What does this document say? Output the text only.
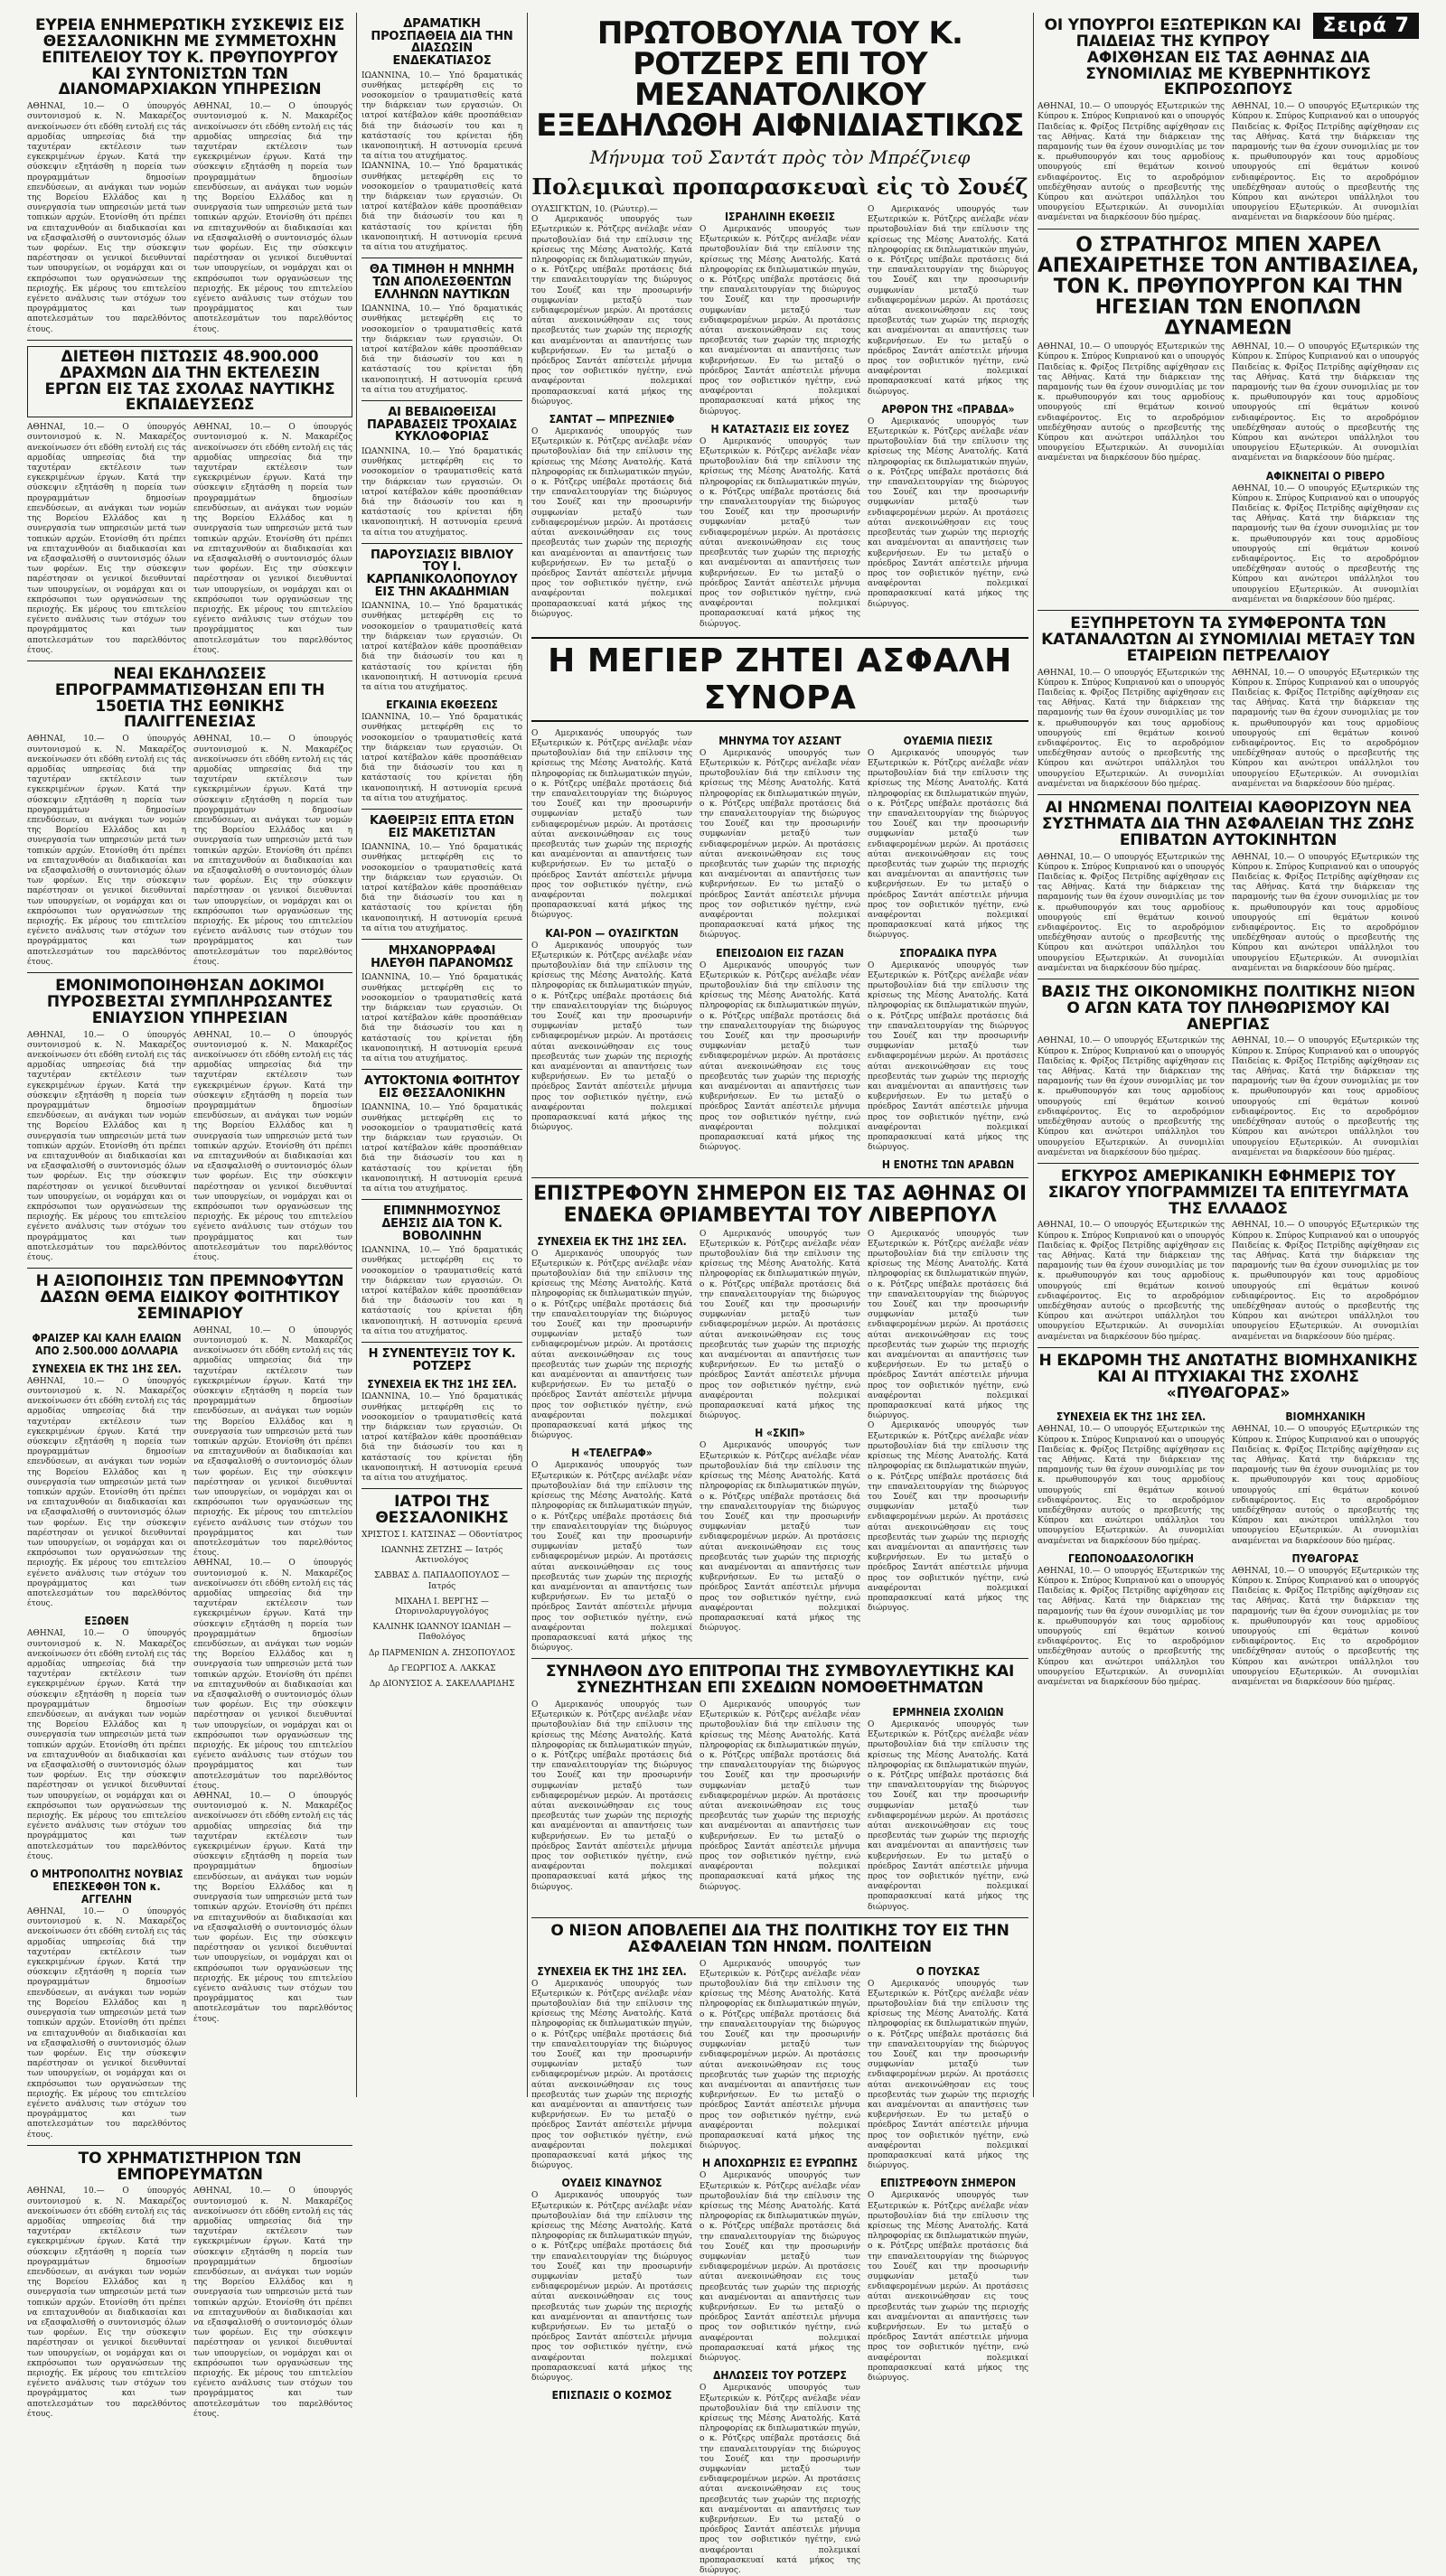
ΕΥΡΕΙΑ ΕΝΗΜΕΡΩΤΙΚΗ ΣΥΣΚΕΨΙΣ ΕΙΣ ΘΕΣΣΑΛΟΝΙΚΗΝ ΜΕ ΣΥΜΜΕΤΟΧΗΝ ΕΠΙΤΕΛΕΙΟΥ ΤΟΥ Κ. ΠΡΘΥΠΟΥΡΓΟΥ ΚΑΙ ΣΥΝΤΟΝΙΣΤΩΝ ΤΩΝ ΔΙΑΝΟΜΑΡΧΙΑΚΩΝ ΥΠΗΡΕΣΙΩΝ

ΑΘΗΝΑΙ, 10.— Ο ύπουργός συντονισμού κ. Ν. Μακαρέζος ανεκοίνωσεν ότι εδόθη εντολή εις τάς αρμοδίας υπηρεσίας διά την ταχυτέραν εκτέλεσιν των εγκεκριμένων έργων. Κατά την σύσκεψιν εξητάσθη η πορεία των προγραμμάτων δημοσίων επενδύσεων, αι ανάγκαι των νομών της Βορείου Ελλάδος και η συνεργασία των υπηρεσιών μετά των τοπικών αρχών. Ετονίσθη ότι πρέπει να επιταχυνθούν αι διαδικασίαι και να εξασφαλισθή ο συντονισμός όλων των φορέων. Εις την σύσκεψιν παρέστησαν οι γενικοί διευθυνταί των υπουργείων, οι νομάρχαι και οι εκπρόσωποι των οργανώσεων της περιοχής. Εκ μέρους του επιτελείου εγένετο ανάλυσις των στόχων του προγράμματος και των αποτελεσμάτων του παρελθόντος έτους.

ΑΘΗΝΑΙ, 10.— Ο ύπουργός συντονισμού κ. Ν. Μακαρέζος ανεκοίνωσεν ότι εδόθη εντολή εις τάς αρμοδίας υπηρεσίας διά την ταχυτέραν εκτέλεσιν των εγκεκριμένων έργων. Κατά την σύσκεψιν εξητάσθη η πορεία των προγραμμάτων δημοσίων επενδύσεων, αι ανάγκαι των νομών της Βορείου Ελλάδος και η συνεργασία των υπηρεσιών μετά των τοπικών αρχών. Ετονίσθη ότι πρέπει να επιταχυνθούν αι διαδικασίαι και να εξασφαλισθή ο συντονισμός όλων των φορέων. Εις την σύσκεψιν παρέστησαν οι γενικοί διευθυνταί των υπουργείων, οι νομάρχαι και οι εκπρόσωποι των οργανώσεων της περιοχής. Εκ μέρους του επιτελείου εγένετο ανάλυσις των στόχων του προγράμματος και των αποτελεσμάτων του παρελθόντος έτους.

ΔΙΕΤΕΘΗ ΠΙΣΤΩΣΙΣ 48.900.000 ΔΡΑΧΜΩΝ ΔΙΑ ΤΗΝ ΕΚΤΕΛΕΣΙΝ ΕΡΓΩΝ ΕΙΣ ΤΑΣ ΣΧΟΛΑΣ ΝΑΥΤΙΚΗΣ ΕΚΠΑΙΔΕΥΣΕΩΣ

ΑΘΗΝΑΙ, 10.— Ο ύπουργός συντονισμού κ. Ν. Μακαρέζος ανεκοίνωσεν ότι εδόθη εντολή εις τάς αρμοδίας υπηρεσίας διά την ταχυτέραν εκτέλεσιν των εγκεκριμένων έργων. Κατά την σύσκεψιν εξητάσθη η πορεία των προγραμμάτων δημοσίων επενδύσεων, αι ανάγκαι των νομών της Βορείου Ελλάδος και η συνεργασία των υπηρεσιών μετά των τοπικών αρχών. Ετονίσθη ότι πρέπει να επιταχυνθούν αι διαδικασίαι και να εξασφαλισθή ο συντονισμός όλων των φορέων. Εις την σύσκεψιν παρέστησαν οι γενικοί διευθυνταί των υπουργείων, οι νομάρχαι και οι εκπρόσωποι των οργανώσεων της περιοχής. Εκ μέρους του επιτελείου εγένετο ανάλυσις των στόχων του προγράμματος και των αποτελεσμάτων του παρελθόντος έτους.

ΑΘΗΝΑΙ, 10.— Ο ύπουργός συντονισμού κ. Ν. Μακαρέζος ανεκοίνωσεν ότι εδόθη εντολή εις τάς αρμοδίας υπηρεσίας διά την ταχυτέραν εκτέλεσιν των εγκεκριμένων έργων. Κατά την σύσκεψιν εξητάσθη η πορεία των προγραμμάτων δημοσίων επενδύσεων, αι ανάγκαι των νομών της Βορείου Ελλάδος και η συνεργασία των υπηρεσιών μετά των τοπικών αρχών. Ετονίσθη ότι πρέπει να επιταχυνθούν αι διαδικασίαι και να εξασφαλισθή ο συντονισμός όλων των φορέων. Εις την σύσκεψιν παρέστησαν οι γενικοί διευθυνταί των υπουργείων, οι νομάρχαι και οι εκπρόσωποι των οργανώσεων της περιοχής. Εκ μέρους του επιτελείου εγένετο ανάλυσις των στόχων του προγράμματος και των αποτελεσμάτων του παρελθόντος έτους.

ΝΕΑΙ ΕΚΔΗΛΩΣΕΙΣ ΕΠΡΟΓΡΑΜΜΑΤΙΣΘΗΣΑΝ ΕΠΙ ΤΗ 150ΕΤΙΑ ΤΗΣ ΕΘΝΙΚΗΣ ΠΑΛΙΓΓΕΝΕΣΙΑΣ

ΑΘΗΝΑΙ, 10.— Ο ύπουργός συντονισμού κ. Ν. Μακαρέζος ανεκοίνωσεν ότι εδόθη εντολή εις τάς αρμοδίας υπηρεσίας διά την ταχυτέραν εκτέλεσιν των εγκεκριμένων έργων. Κατά την σύσκεψιν εξητάσθη η πορεία των προγραμμάτων δημοσίων επενδύσεων, αι ανάγκαι των νομών της Βορείου Ελλάδος και η συνεργασία των υπηρεσιών μετά των τοπικών αρχών. Ετονίσθη ότι πρέπει να επιταχυνθούν αι διαδικασίαι και να εξασφαλισθή ο συντονισμός όλων των φορέων. Εις την σύσκεψιν παρέστησαν οι γενικοί διευθυνταί των υπουργείων, οι νομάρχαι και οι εκπρόσωποι των οργανώσεων της περιοχής. Εκ μέρους του επιτελείου εγένετο ανάλυσις των στόχων του προγράμματος και των αποτελεσμάτων του παρελθόντος έτους.

ΑΘΗΝΑΙ, 10.— Ο ύπουργός συντονισμού κ. Ν. Μακαρέζος ανεκοίνωσεν ότι εδόθη εντολή εις τάς αρμοδίας υπηρεσίας διά την ταχυτέραν εκτέλεσιν των εγκεκριμένων έργων. Κατά την σύσκεψιν εξητάσθη η πορεία των προγραμμάτων δημοσίων επενδύσεων, αι ανάγκαι των νομών της Βορείου Ελλάδος και η συνεργασία των υπηρεσιών μετά των τοπικών αρχών. Ετονίσθη ότι πρέπει να επιταχυνθούν αι διαδικασίαι και να εξασφαλισθή ο συντονισμός όλων των φορέων. Εις την σύσκεψιν παρέστησαν οι γενικοί διευθυνταί των υπουργείων, οι νομάρχαι και οι εκπρόσωποι των οργανώσεων της περιοχής. Εκ μέρους του επιτελείου εγένετο ανάλυσις των στόχων του προγράμματος και των αποτελεσμάτων του παρελθόντος έτους.

ΕΜΟΝΙΜΟΠΟΙΗΘΗΣΑΝ ΔΟΚΙΜΟΙ ΠΥΡΟΣΒΕΣΤΑΙ ΣΥΜΠΛΗΡΩΣΑΝΤΕΣ ΕΝΙΑΥΣΙΟΝ ΥΠΗΡΕΣΙΑΝ

ΑΘΗΝΑΙ, 10.— Ο ύπουργός συντονισμού κ. Ν. Μακαρέζος ανεκοίνωσεν ότι εδόθη εντολή εις τάς αρμοδίας υπηρεσίας διά την ταχυτέραν εκτέλεσιν των εγκεκριμένων έργων. Κατά την σύσκεψιν εξητάσθη η πορεία των προγραμμάτων δημοσίων επενδύσεων, αι ανάγκαι των νομών της Βορείου Ελλάδος και η συνεργασία των υπηρεσιών μετά των τοπικών αρχών. Ετονίσθη ότι πρέπει να επιταχυνθούν αι διαδικασίαι και να εξασφαλισθή ο συντονισμός όλων των φορέων. Εις την σύσκεψιν παρέστησαν οι γενικοί διευθυνταί των υπουργείων, οι νομάρχαι και οι εκπρόσωποι των οργανώσεων της περιοχής. Εκ μέρους του επιτελείου εγένετο ανάλυσις των στόχων του προγράμματος και των αποτελεσμάτων του παρελθόντος έτους.

ΑΘΗΝΑΙ, 10.— Ο ύπουργός συντονισμού κ. Ν. Μακαρέζος ανεκοίνωσεν ότι εδόθη εντολή εις τάς αρμοδίας υπηρεσίας διά την ταχυτέραν εκτέλεσιν των εγκεκριμένων έργων. Κατά την σύσκεψιν εξητάσθη η πορεία των προγραμμάτων δημοσίων επενδύσεων, αι ανάγκαι των νομών της Βορείου Ελλάδος και η συνεργασία των υπηρεσιών μετά των τοπικών αρχών. Ετονίσθη ότι πρέπει να επιταχυνθούν αι διαδικασίαι και να εξασφαλισθή ο συντονισμός όλων των φορέων. Εις την σύσκεψιν παρέστησαν οι γενικοί διευθυνταί των υπουργείων, οι νομάρχαι και οι εκπρόσωποι των οργανώσεων της περιοχής. Εκ μέρους του επιτελείου εγένετο ανάλυσις των στόχων του προγράμματος και των αποτελεσμάτων του παρελθόντος έτους.

Η ΑΞΙΟΠΟΙΗΣΙΣ ΤΩΝ ΠΡΕΜΝΟΦΥΤΩΝ ΔΑΣΩΝ ΘΕΜΑ ΕΙΔΙΚΟΥ ΦΟΙΤΗΤΙΚΟΥ ΣΕΜΙΝΑΡΙΟΥ
ΦΡΑΙΖΕΡ ΚΑΙ ΚΑΛΗ ΕΛΑΙΩΝ ΑΠΟ 2.500.000 ΔΟΛΛΑΡΙΑ
ΣΥΝΕΧΕΙΑ ΕΚ ΤΗΣ 1ΗΣ ΣΕΛ.

ΑΘΗΝΑΙ, 10.— Ο ύπουργός συντονισμού κ. Ν. Μακαρέζος ανεκοίνωσεν ότι εδόθη εντολή εις τάς αρμοδίας υπηρεσίας διά την ταχυτέραν εκτέλεσιν των εγκεκριμένων έργων. Κατά την σύσκεψιν εξητάσθη η πορεία των προγραμμάτων δημοσίων επενδύσεων, αι ανάγκαι των νομών της Βορείου Ελλάδος και η συνεργασία των υπηρεσιών μετά των τοπικών αρχών. Ετονίσθη ότι πρέπει να επιταχυνθούν αι διαδικασίαι και να εξασφαλισθή ο συντονισμός όλων των φορέων. Εις την σύσκεψιν παρέστησαν οι γενικοί διευθυνταί των υπουργείων, οι νομάρχαι και οι εκπρόσωποι των οργανώσεων της περιοχής. Εκ μέρους του επιτελείου εγένετο ανάλυσις των στόχων του προγράμματος και των αποτελεσμάτων του παρελθόντος έτους.

ΕΞΩΘΕΝ

ΑΘΗΝΑΙ, 10.— Ο ύπουργός συντονισμού κ. Ν. Μακαρέζος ανεκοίνωσεν ότι εδόθη εντολή εις τάς αρμοδίας υπηρεσίας διά την ταχυτέραν εκτέλεσιν των εγκεκριμένων έργων. Κατά την σύσκεψιν εξητάσθη η πορεία των προγραμμάτων δημοσίων επενδύσεων, αι ανάγκαι των νομών της Βορείου Ελλάδος και η συνεργασία των υπηρεσιών μετά των τοπικών αρχών. Ετονίσθη ότι πρέπει να επιταχυνθούν αι διαδικασίαι και να εξασφαλισθή ο συντονισμός όλων των φορέων. Εις την σύσκεψιν παρέστησαν οι γενικοί διευθυνταί των υπουργείων, οι νομάρχαι και οι εκπρόσωποι των οργανώσεων της περιοχής. Εκ μέρους του επιτελείου εγένετο ανάλυσις των στόχων του προγράμματος και των αποτελεσμάτων του παρελθόντος έτους.

Ο ΜΗΤΡΟΠΟΛΙΤΗΣ ΝΟΥΒΙΑΣ ΕΠΕΣΚΕΦΘΗ ΤΟΝ κ. ΑΓΓΕΛΗΝ

ΑΘΗΝΑΙ, 10.— Ο ύπουργός συντονισμού κ. Ν. Μακαρέζος ανεκοίνωσεν ότι εδόθη εντολή εις τάς αρμοδίας υπηρεσίας διά την ταχυτέραν εκτέλεσιν των εγκεκριμένων έργων. Κατά την σύσκεψιν εξητάσθη η πορεία των προγραμμάτων δημοσίων επενδύσεων, αι ανάγκαι των νομών της Βορείου Ελλάδος και η συνεργασία των υπηρεσιών μετά των τοπικών αρχών. Ετονίσθη ότι πρέπει να επιταχυνθούν αι διαδικασίαι και να εξασφαλισθή ο συντονισμός όλων των φορέων. Εις την σύσκεψιν παρέστησαν οι γενικοί διευθυνταί των υπουργείων, οι νομάρχαι και οι εκπρόσωποι των οργανώσεων της περιοχής. Εκ μέρους του επιτελείου εγένετο ανάλυσις των στόχων του προγράμματος και των αποτελεσμάτων του παρελθόντος έτους.

ΑΘΗΝΑΙ, 10.— Ο ύπουργός συντονισμού κ. Ν. Μακαρέζος ανεκοίνωσεν ότι εδόθη εντολή εις τάς αρμοδίας υπηρεσίας διά την ταχυτέραν εκτέλεσιν των εγκεκριμένων έργων. Κατά την σύσκεψιν εξητάσθη η πορεία των προγραμμάτων δημοσίων επενδύσεων, αι ανάγκαι των νομών της Βορείου Ελλάδος και η συνεργασία των υπηρεσιών μετά των τοπικών αρχών. Ετονίσθη ότι πρέπει να επιταχυνθούν αι διαδικασίαι και να εξασφαλισθή ο συντονισμός όλων των φορέων. Εις την σύσκεψιν παρέστησαν οι γενικοί διευθυνταί των υπουργείων, οι νομάρχαι και οι εκπρόσωποι των οργανώσεων της περιοχής. Εκ μέρους του επιτελείου εγένετο ανάλυσις των στόχων του προγράμματος και των αποτελεσμάτων του παρελθόντος έτους.

ΑΘΗΝΑΙ, 10.— Ο ύπουργός συντονισμού κ. Ν. Μακαρέζος ανεκοίνωσεν ότι εδόθη εντολή εις τάς αρμοδίας υπηρεσίας διά την ταχυτέραν εκτέλεσιν των εγκεκριμένων έργων. Κατά την σύσκεψιν εξητάσθη η πορεία των προγραμμάτων δημοσίων επενδύσεων, αι ανάγκαι των νομών της Βορείου Ελλάδος και η συνεργασία των υπηρεσιών μετά των τοπικών αρχών. Ετονίσθη ότι πρέπει να επιταχυνθούν αι διαδικασίαι και να εξασφαλισθή ο συντονισμός όλων των φορέων. Εις την σύσκεψιν παρέστησαν οι γενικοί διευθυνταί των υπουργείων, οι νομάρχαι και οι εκπρόσωποι των οργανώσεων της περιοχής. Εκ μέρους του επιτελείου εγένετο ανάλυσις των στόχων του προγράμματος και των αποτελεσμάτων του παρελθόντος έτους.

ΑΘΗΝΑΙ, 10.— Ο ύπουργός συντονισμού κ. Ν. Μακαρέζος ανεκοίνωσεν ότι εδόθη εντολή εις τάς αρμοδίας υπηρεσίας διά την ταχυτέραν εκτέλεσιν των εγκεκριμένων έργων. Κατά την σύσκεψιν εξητάσθη η πορεία των προγραμμάτων δημοσίων επενδύσεων, αι ανάγκαι των νομών της Βορείου Ελλάδος και η συνεργασία των υπηρεσιών μετά των τοπικών αρχών. Ετονίσθη ότι πρέπει να επιταχυνθούν αι διαδικασίαι και να εξασφαλισθή ο συντονισμός όλων των φορέων. Εις την σύσκεψιν παρέστησαν οι γενικοί διευθυνταί των υπουργείων, οι νομάρχαι και οι εκπρόσωποι των οργανώσεων της περιοχής. Εκ μέρους του επιτελείου εγένετο ανάλυσις των στόχων του προγράμματος και των αποτελεσμάτων του παρελθόντος έτους.

ΤΟ ΧΡΗΜΑΤΙΣΤΗΡΙΟΝ ΤΩΝ ΕΜΠΟΡΕΥΜΑΤΩΝ

ΑΘΗΝΑΙ, 10.— Ο ύπουργός συντονισμού κ. Ν. Μακαρέζος ανεκοίνωσεν ότι εδόθη εντολή εις τάς αρμοδίας υπηρεσίας διά την ταχυτέραν εκτέλεσιν των εγκεκριμένων έργων. Κατά την σύσκεψιν εξητάσθη η πορεία των προγραμμάτων δημοσίων επενδύσεων, αι ανάγκαι των νομών της Βορείου Ελλάδος και η συνεργασία των υπηρεσιών μετά των τοπικών αρχών. Ετονίσθη ότι πρέπει να επιταχυνθούν αι διαδικασίαι και να εξασφαλισθή ο συντονισμός όλων των φορέων. Εις την σύσκεψιν παρέστησαν οι γενικοί διευθυνταί των υπουργείων, οι νομάρχαι και οι εκπρόσωποι των οργανώσεων της περιοχής. Εκ μέρους του επιτελείου εγένετο ανάλυσις των στόχων του προγράμματος και των αποτελεσμάτων του παρελθόντος έτους.

ΑΘΗΝΑΙ, 10.— Ο ύπουργός συντονισμού κ. Ν. Μακαρέζος ανεκοίνωσεν ότι εδόθη εντολή εις τάς αρμοδίας υπηρεσίας διά την ταχυτέραν εκτέλεσιν των εγκεκριμένων έργων. Κατά την σύσκεψιν εξητάσθη η πορεία των προγραμμάτων δημοσίων επενδύσεων, αι ανάγκαι των νομών της Βορείου Ελλάδος και η συνεργασία των υπηρεσιών μετά των τοπικών αρχών. Ετονίσθη ότι πρέπει να επιταχυνθούν αι διαδικασίαι και να εξασφαλισθή ο συντονισμός όλων των φορέων. Εις την σύσκεψιν παρέστησαν οι γενικοί διευθυνταί των υπουργείων, οι νομάρχαι και οι εκπρόσωποι των οργανώσεων της περιοχής. Εκ μέρους του επιτελείου εγένετο ανάλυσις των στόχων του προγράμματος και των αποτελεσμάτων του παρελθόντος έτους.

ΔΡΑΜΑΤΙΚΗ ΠΡΟΣΠΑΘΕΙΑ ΔΙΑ ΤΗΝ ΔΙΑΣΩΣΙΝ ΕΝΔΕΚΑΤΙΑΣΟΣ

ΙΩΑΝΝΙΝΑ, 10.— Υπό δραματικάς συνθήκας μετεφέρθη εις το νοσοκομείον ο τραυματισθείς κατά την διάρκειαν των εργασιών. Οι ιατροί κατέβαλον κάθε προσπάθειαν διά την διάσωσίν του και η κατάστασίς του κρίνεται ήδη ικανοποιητική. Η αστυνομία ερευνά τα αίτια του ατυχήματος.

ΙΩΑΝΝΙΝΑ, 10.— Υπό δραματικάς συνθήκας μετεφέρθη εις το νοσοκομείον ο τραυματισθείς κατά την διάρκειαν των εργασιών. Οι ιατροί κατέβαλον κάθε προσπάθειαν διά την διάσωσίν του και η κατάστασίς του κρίνεται ήδη ικανοποιητική. Η αστυνομία ερευνά τα αίτια του ατυχήματος.

ΘΑ ΤΙΜΗΘΗ Η ΜΝΗΜΗ ΤΩΝ ΑΠΟΛΕΣΘΕΝΤΩΝ ΕΛΛΗΝΩΝ ΝΑΥΤΙΚΩΝ

ΙΩΑΝΝΙΝΑ, 10.— Υπό δραματικάς συνθήκας μετεφέρθη εις το νοσοκομείον ο τραυματισθείς κατά την διάρκειαν των εργασιών. Οι ιατροί κατέβαλον κάθε προσπάθειαν διά την διάσωσίν του και η κατάστασίς του κρίνεται ήδη ικανοποιητική. Η αστυνομία ερευνά τα αίτια του ατυχήματος.

ΑΙ ΒΕΒΑΙΩΘΕΙΣΑΙ ΠΑΡΑΒΑΣΕΙΣ ΤΡΟΧΑΙΑΣ ΚΥΚΛΟΦΟΡΙΑΣ

ΙΩΑΝΝΙΝΑ, 10.— Υπό δραματικάς συνθήκας μετεφέρθη εις το νοσοκομείον ο τραυματισθείς κατά την διάρκειαν των εργασιών. Οι ιατροί κατέβαλον κάθε προσπάθειαν διά την διάσωσίν του και η κατάστασίς του κρίνεται ήδη ικανοποιητική. Η αστυνομία ερευνά τα αίτια του ατυχήματος.

ΠΑΡΟΥΣΙΑΣΙΣ ΒΙΒΛΙΟΥ ΤΟΥ Ι. ΚΑΡΠΑΝΙΚΟΛΟΠΟΥΛΟΥ ΕΙΣ ΤΗΝ ΑΚΑΔΗΜΙΑΝ

ΙΩΑΝΝΙΝΑ, 10.— Υπό δραματικάς συνθήκας μετεφέρθη εις το νοσοκομείον ο τραυματισθείς κατά την διάρκειαν των εργασιών. Οι ιατροί κατέβαλον κάθε προσπάθειαν διά την διάσωσίν του και η κατάστασίς του κρίνεται ήδη ικανοποιητική. Η αστυνομία ερευνά τα αίτια του ατυχήματος.

ΕΓΚΑΙΝΙΑ ΕΚΘΕΣΕΩΣ

ΙΩΑΝΝΙΝΑ, 10.— Υπό δραματικάς συνθήκας μετεφέρθη εις το νοσοκομείον ο τραυματισθείς κατά την διάρκειαν των εργασιών. Οι ιατροί κατέβαλον κάθε προσπάθειαν διά την διάσωσίν του και η κατάστασίς του κρίνεται ήδη ικανοποιητική. Η αστυνομία ερευνά τα αίτια του ατυχήματος.

ΚΑΘΕΙΡΞΙΣ ΕΠΤΑ ΕΤΩΝ ΕΙΣ ΜΑΚΕΤΙΣΤΑΝ

ΙΩΑΝΝΙΝΑ, 10.— Υπό δραματικάς συνθήκας μετεφέρθη εις το νοσοκομείον ο τραυματισθείς κατά την διάρκειαν των εργασιών. Οι ιατροί κατέβαλον κάθε προσπάθειαν διά την διάσωσίν του και η κατάστασίς του κρίνεται ήδη ικανοποιητική. Η αστυνομία ερευνά τα αίτια του ατυχήματος.

ΜΗΧΑΝΟΡΡΑΦΑΙ ΗΛΕΥΘΗ ΠΑΡΑΝΟΜΩΣ

ΙΩΑΝΝΙΝΑ, 10.— Υπό δραματικάς συνθήκας μετεφέρθη εις το νοσοκομείον ο τραυματισθείς κατά την διάρκειαν των εργασιών. Οι ιατροί κατέβαλον κάθε προσπάθειαν διά την διάσωσίν του και η κατάστασίς του κρίνεται ήδη ικανοποιητική. Η αστυνομία ερευνά τα αίτια του ατυχήματος.

ΑΥΤΟΚΤΟΝΙΑ ΦΟΙΤΗΤΟΥ ΕΙΣ ΘΕΣΣΑΛΟΝΙΚΗΝ

ΙΩΑΝΝΙΝΑ, 10.— Υπό δραματικάς συνθήκας μετεφέρθη εις το νοσοκομείον ο τραυματισθείς κατά την διάρκειαν των εργασιών. Οι ιατροί κατέβαλον κάθε προσπάθειαν διά την διάσωσίν του και η κατάστασίς του κρίνεται ήδη ικανοποιητική. Η αστυνομία ερευνά τα αίτια του ατυχήματος.

ΕΠΙΜΝΗΜΟΣΥΝΟΣ ΔΕΗΣΙΣ ΔΙΑ ΤΟΝ Κ. ΒΟΒΟΛΙΝΗΝ

ΙΩΑΝΝΙΝΑ, 10.— Υπό δραματικάς συνθήκας μετεφέρθη εις το νοσοκομείον ο τραυματισθείς κατά την διάρκειαν των εργασιών. Οι ιατροί κατέβαλον κάθε προσπάθειαν διά την διάσωσίν του και η κατάστασίς του κρίνεται ήδη ικανοποιητική. Η αστυνομία ερευνά τα αίτια του ατυχήματος.

Η ΣΥΝΕΝΤΕΥΞΙΣ ΤΟΥ Κ. ΡΟΤΖΕΡΣ
ΣΥΝΕΧΕΙΑ ΕΚ ΤΗΣ 1ΗΣ ΣΕΛ.

ΙΩΑΝΝΙΝΑ, 10.— Υπό δραματικάς συνθήκας μετεφέρθη εις το νοσοκομείον ο τραυματισθείς κατά την διάρκειαν των εργασιών. Οι ιατροί κατέβαλον κάθε προσπάθειαν διά την διάσωσίν του και η κατάστασίς του κρίνεται ήδη ικανοποιητική. Η αστυνομία ερευνά τα αίτια του ατυχήματος.

ΙΑΤΡΟΙ ΤΗΣ ΘΕΣΣΑΛΟΝΙΚΗΣ

ΧΡΙΣΤΟΣ Ι. ΚΑΤΣΙΝΑΣ — Οδοντίατρος

ΙΩΑΝΝΗΣ ΖΕΤΖΗΣ — Ιατρός Ακτινολόγος

ΣΑΒΒΑΣ Δ. ΠΑΠΑΔΟΠΟΥΛΟΣ — Ιατρός

ΜΙΧΑΗΛ Ι. ΒΕΡΓΗΣ — Ωτορινολαρυγγολόγος

ΚΑΛΙΝΗΚ ΙΩΑΝΝΟΥ ΙΩΑΝΙΔΗ — Παθολόγος

Δρ ΠΑΡΜΕΝΙΩΝ Α. ΖΗΣΟΠΟΥΛΟΣ

Δρ ΓΕΩΡΓΙΟΣ Α. ΛΑΚΚΑΣ

Δρ ΔΙΟΝΥΣΙΟΣ Α. ΣΑΚΕΛΛΑΡΙΔΗΣ

ΠΡΩΤΟΒΟΥΛΙΑ ΤΟΥ Κ. ΡΟΤΖΕΡΣ ΕΠΙ ΤΟΥ ΜΕΣΑΝΑΤΟΛΙΚΟΥ ΕΞΕΔΗΛΩΘΗ ΑΙΦΝΙΔΙΑΣΤΙΚΩΣ
Μήνυμα τοῦ Σαντάτ πρὸς τὸν Μπρέζνιεφ
Πολεμικαὶ προπαρασκευαὶ εἰς τὸ Σουέζ

ΟΥΑΣΙΓΚΤΩΝ, 10. (Ρώυτερ).—

Ο Αμερικανός υπουργός των Εξωτερικών κ. Ρότζερς ανέλαβε νέαν πρωτοβουλίαν διά την επίλυσιν της κρίσεως της Μέσης Ανατολής. Κατά πληροφορίας εκ διπλωματικών πηγών, ο κ. Ρότζερς υπέβαλε προτάσεις διά την επαναλειτουργίαν της διώρυγος του Σουέζ και την προσωρινήν συμφωνίαν μεταξύ των ενδιαφερομένων μερών. Αι προτάσεις αύται ανεκοινώθησαν εις τους πρεσβευτάς των χωρών της περιοχής και αναμένονται αι απαντήσεις των κυβερνήσεων. Εν τω μεταξύ ο πρόεδρος Σαντάτ απέστειλε μήνυμα προς τον σοβιετικόν ηγέτην, ενώ αναφέρονται πολεμικαί προπαρασκευαί κατά μήκος της διώρυγος.

ΣΑΝΤΑΤ — ΜΠΡΕΖΝΙΕΦ

Ο Αμερικανός υπουργός των Εξωτερικών κ. Ρότζερς ανέλαβε νέαν πρωτοβουλίαν διά την επίλυσιν της κρίσεως της Μέσης Ανατολής. Κατά πληροφορίας εκ διπλωματικών πηγών, ο κ. Ρότζερς υπέβαλε προτάσεις διά την επαναλειτουργίαν της διώρυγος του Σουέζ και την προσωρινήν συμφωνίαν μεταξύ των ενδιαφερομένων μερών. Αι προτάσεις αύται ανεκοινώθησαν εις τους πρεσβευτάς των χωρών της περιοχής και αναμένονται αι απαντήσεις των κυβερνήσεων. Εν τω μεταξύ ο πρόεδρος Σαντάτ απέστειλε μήνυμα προς τον σοβιετικόν ηγέτην, ενώ αναφέρονται πολεμικαί προπαρασκευαί κατά μήκος της διώρυγος.

ΙΣΡΑΗΛΙΝΗ ΕΚΘΕΣΙΣ

Ο Αμερικανός υπουργός των Εξωτερικών κ. Ρότζερς ανέλαβε νέαν πρωτοβουλίαν διά την επίλυσιν της κρίσεως της Μέσης Ανατολής. Κατά πληροφορίας εκ διπλωματικών πηγών, ο κ. Ρότζερς υπέβαλε προτάσεις διά την επαναλειτουργίαν της διώρυγος του Σουέζ και την προσωρινήν συμφωνίαν μεταξύ των ενδιαφερομένων μερών. Αι προτάσεις αύται ανεκοινώθησαν εις τους πρεσβευτάς των χωρών της περιοχής και αναμένονται αι απαντήσεις των κυβερνήσεων. Εν τω μεταξύ ο πρόεδρος Σαντάτ απέστειλε μήνυμα προς τον σοβιετικόν ηγέτην, ενώ αναφέρονται πολεμικαί προπαρασκευαί κατά μήκος της διώρυγος.

Η ΚΑΤΑΣΤΑΣΙΣ ΕΙΣ ΣΟΥΕΖ

Ο Αμερικανός υπουργός των Εξωτερικών κ. Ρότζερς ανέλαβε νέαν πρωτοβουλίαν διά την επίλυσιν της κρίσεως της Μέσης Ανατολής. Κατά πληροφορίας εκ διπλωματικών πηγών, ο κ. Ρότζερς υπέβαλε προτάσεις διά την επαναλειτουργίαν της διώρυγος του Σουέζ και την προσωρινήν συμφωνίαν μεταξύ των ενδιαφερομένων μερών. Αι προτάσεις αύται ανεκοινώθησαν εις τους πρεσβευτάς των χωρών της περιοχής και αναμένονται αι απαντήσεις των κυβερνήσεων. Εν τω μεταξύ ο πρόεδρος Σαντάτ απέστειλε μήνυμα προς τον σοβιετικόν ηγέτην, ενώ αναφέρονται πολεμικαί προπαρασκευαί κατά μήκος της διώρυγος.

Ο Αμερικανός υπουργός των Εξωτερικών κ. Ρότζερς ανέλαβε νέαν πρωτοβουλίαν διά την επίλυσιν της κρίσεως της Μέσης Ανατολής. Κατά πληροφορίας εκ διπλωματικών πηγών, ο κ. Ρότζερς υπέβαλε προτάσεις διά την επαναλειτουργίαν της διώρυγος του Σουέζ και την προσωρινήν συμφωνίαν μεταξύ των ενδιαφερομένων μερών. Αι προτάσεις αύται ανεκοινώθησαν εις τους πρεσβευτάς των χωρών της περιοχής και αναμένονται αι απαντήσεις των κυβερνήσεων. Εν τω μεταξύ ο πρόεδρος Σαντάτ απέστειλε μήνυμα προς τον σοβιετικόν ηγέτην, ενώ αναφέρονται πολεμικαί προπαρασκευαί κατά μήκος της διώρυγος.

ΑΡΘΡΟΝ ΤΗΣ «ΠΡΑΒΔΑ»

Ο Αμερικανός υπουργός των Εξωτερικών κ. Ρότζερς ανέλαβε νέαν πρωτοβουλίαν διά την επίλυσιν της κρίσεως της Μέσης Ανατολής. Κατά πληροφορίας εκ διπλωματικών πηγών, ο κ. Ρότζερς υπέβαλε προτάσεις διά την επαναλειτουργίαν της διώρυγος του Σουέζ και την προσωρινήν συμφωνίαν μεταξύ των ενδιαφερομένων μερών. Αι προτάσεις αύται ανεκοινώθησαν εις τους πρεσβευτάς των χωρών της περιοχής και αναμένονται αι απαντήσεις των κυβερνήσεων. Εν τω μεταξύ ο πρόεδρος Σαντάτ απέστειλε μήνυμα προς τον σοβιετικόν ηγέτην, ενώ αναφέρονται πολεμικαί προπαρασκευαί κατά μήκος της διώρυγος.

Η ΜΕΓΙΕΡ ΖΗΤΕΙ ΑΣΦΑΛΗ ΣΥΝΟΡΑ

Ο Αμερικανός υπουργός των Εξωτερικών κ. Ρότζερς ανέλαβε νέαν πρωτοβουλίαν διά την επίλυσιν της κρίσεως της Μέσης Ανατολής. Κατά πληροφορίας εκ διπλωματικών πηγών, ο κ. Ρότζερς υπέβαλε προτάσεις διά την επαναλειτουργίαν της διώρυγος του Σουέζ και την προσωρινήν συμφωνίαν μεταξύ των ενδιαφερομένων μερών. Αι προτάσεις αύται ανεκοινώθησαν εις τους πρεσβευτάς των χωρών της περιοχής και αναμένονται αι απαντήσεις των κυβερνήσεων. Εν τω μεταξύ ο πρόεδρος Σαντάτ απέστειλε μήνυμα προς τον σοβιετικόν ηγέτην, ενώ αναφέρονται πολεμικαί προπαρασκευαί κατά μήκος της διώρυγος.

ΚΑΙ-ΡΟΝ — ΟΥΑΣΙΓΚΤΩΝ

Ο Αμερικανός υπουργός των Εξωτερικών κ. Ρότζερς ανέλαβε νέαν πρωτοβουλίαν διά την επίλυσιν της κρίσεως της Μέσης Ανατολής. Κατά πληροφορίας εκ διπλωματικών πηγών, ο κ. Ρότζερς υπέβαλε προτάσεις διά την επαναλειτουργίαν της διώρυγος του Σουέζ και την προσωρινήν συμφωνίαν μεταξύ των ενδιαφερομένων μερών. Αι προτάσεις αύται ανεκοινώθησαν εις τους πρεσβευτάς των χωρών της περιοχής και αναμένονται αι απαντήσεις των κυβερνήσεων. Εν τω μεταξύ ο πρόεδρος Σαντάτ απέστειλε μήνυμα προς τον σοβιετικόν ηγέτην, ενώ αναφέρονται πολεμικαί προπαρασκευαί κατά μήκος της διώρυγος.

ΜΗΝΥΜΑ ΤΟΥ ΑΣΣΑΝΤ

Ο Αμερικανός υπουργός των Εξωτερικών κ. Ρότζερς ανέλαβε νέαν πρωτοβουλίαν διά την επίλυσιν της κρίσεως της Μέσης Ανατολής. Κατά πληροφορίας εκ διπλωματικών πηγών, ο κ. Ρότζερς υπέβαλε προτάσεις διά την επαναλειτουργίαν της διώρυγος του Σουέζ και την προσωρινήν συμφωνίαν μεταξύ των ενδιαφερομένων μερών. Αι προτάσεις αύται ανεκοινώθησαν εις τους πρεσβευτάς των χωρών της περιοχής και αναμένονται αι απαντήσεις των κυβερνήσεων. Εν τω μεταξύ ο πρόεδρος Σαντάτ απέστειλε μήνυμα προς τον σοβιετικόν ηγέτην, ενώ αναφέρονται πολεμικαί προπαρασκευαί κατά μήκος της διώρυγος.

ΕΠΕΙΣΟΔΙΟΝ ΕΙΣ ΓΑΖΑΝ

Ο Αμερικανός υπουργός των Εξωτερικών κ. Ρότζερς ανέλαβε νέαν πρωτοβουλίαν διά την επίλυσιν της κρίσεως της Μέσης Ανατολής. Κατά πληροφορίας εκ διπλωματικών πηγών, ο κ. Ρότζερς υπέβαλε προτάσεις διά την επαναλειτουργίαν της διώρυγος του Σουέζ και την προσωρινήν συμφωνίαν μεταξύ των ενδιαφερομένων μερών. Αι προτάσεις αύται ανεκοινώθησαν εις τους πρεσβευτάς των χωρών της περιοχής και αναμένονται αι απαντήσεις των κυβερνήσεων. Εν τω μεταξύ ο πρόεδρος Σαντάτ απέστειλε μήνυμα προς τον σοβιετικόν ηγέτην, ενώ αναφέρονται πολεμικαί προπαρασκευαί κατά μήκος της διώρυγος.

ΟΥΔΕΜΙΑ ΠΙΕΣΙΣ

Ο Αμερικανός υπουργός των Εξωτερικών κ. Ρότζερς ανέλαβε νέαν πρωτοβουλίαν διά την επίλυσιν της κρίσεως της Μέσης Ανατολής. Κατά πληροφορίας εκ διπλωματικών πηγών, ο κ. Ρότζερς υπέβαλε προτάσεις διά την επαναλειτουργίαν της διώρυγος του Σουέζ και την προσωρινήν συμφωνίαν μεταξύ των ενδιαφερομένων μερών. Αι προτάσεις αύται ανεκοινώθησαν εις τους πρεσβευτάς των χωρών της περιοχής και αναμένονται αι απαντήσεις των κυβερνήσεων. Εν τω μεταξύ ο πρόεδρος Σαντάτ απέστειλε μήνυμα προς τον σοβιετικόν ηγέτην, ενώ αναφέρονται πολεμικαί προπαρασκευαί κατά μήκος της διώρυγος.

ΣΠΟΡΑΔΙΚΑ ΠΥΡΑ

Ο Αμερικανός υπουργός των Εξωτερικών κ. Ρότζερς ανέλαβε νέαν πρωτοβουλίαν διά την επίλυσιν της κρίσεως της Μέσης Ανατολής. Κατά πληροφορίας εκ διπλωματικών πηγών, ο κ. Ρότζερς υπέβαλε προτάσεις διά την επαναλειτουργίαν της διώρυγος του Σουέζ και την προσωρινήν συμφωνίαν μεταξύ των ενδιαφερομένων μερών. Αι προτάσεις αύται ανεκοινώθησαν εις τους πρεσβευτάς των χωρών της περιοχής και αναμένονται αι απαντήσεις των κυβερνήσεων. Εν τω μεταξύ ο πρόεδρος Σαντάτ απέστειλε μήνυμα προς τον σοβιετικόν ηγέτην, ενώ αναφέρονται πολεμικαί προπαρασκευαί κατά μήκος της διώρυγος.

Η ΕΝΟΤΗΣ ΤΩΝ ΑΡΑΒΩΝ
ΕΠΙΣΤΡΕΦΟΥΝ ΣΗΜΕΡΟΝ ΕΙΣ ΤΑΣ ΑΘΗΝΑΣ ΟΙ ΕΝΔΕΚΑ ΘΡΙΑΜΒΕΥΤΑΙ ΤΟΥ ΛΙΒΕΡΠΟΥΛ
ΣΥΝΕΧΕΙΑ ΕΚ ΤΗΣ 1ΗΣ ΣΕΛ.

Ο Αμερικανός υπουργός των Εξωτερικών κ. Ρότζερς ανέλαβε νέαν πρωτοβουλίαν διά την επίλυσιν της κρίσεως της Μέσης Ανατολής. Κατά πληροφορίας εκ διπλωματικών πηγών, ο κ. Ρότζερς υπέβαλε προτάσεις διά την επαναλειτουργίαν της διώρυγος του Σουέζ και την προσωρινήν συμφωνίαν μεταξύ των ενδιαφερομένων μερών. Αι προτάσεις αύται ανεκοινώθησαν εις τους πρεσβευτάς των χωρών της περιοχής και αναμένονται αι απαντήσεις των κυβερνήσεων. Εν τω μεταξύ ο πρόεδρος Σαντάτ απέστειλε μήνυμα προς τον σοβιετικόν ηγέτην, ενώ αναφέρονται πολεμικαί προπαρασκευαί κατά μήκος της διώρυγος.

Η «ΤΕΛΕΓΡΑΦ»

Ο Αμερικανός υπουργός των Εξωτερικών κ. Ρότζερς ανέλαβε νέαν πρωτοβουλίαν διά την επίλυσιν της κρίσεως της Μέσης Ανατολής. Κατά πληροφορίας εκ διπλωματικών πηγών, ο κ. Ρότζερς υπέβαλε προτάσεις διά την επαναλειτουργίαν της διώρυγος του Σουέζ και την προσωρινήν συμφωνίαν μεταξύ των ενδιαφερομένων μερών. Αι προτάσεις αύται ανεκοινώθησαν εις τους πρεσβευτάς των χωρών της περιοχής και αναμένονται αι απαντήσεις των κυβερνήσεων. Εν τω μεταξύ ο πρόεδρος Σαντάτ απέστειλε μήνυμα προς τον σοβιετικόν ηγέτην, ενώ αναφέρονται πολεμικαί προπαρασκευαί κατά μήκος της διώρυγος.

Ο Αμερικανός υπουργός των Εξωτερικών κ. Ρότζερς ανέλαβε νέαν πρωτοβουλίαν διά την επίλυσιν της κρίσεως της Μέσης Ανατολής. Κατά πληροφορίας εκ διπλωματικών πηγών, ο κ. Ρότζερς υπέβαλε προτάσεις διά την επαναλειτουργίαν της διώρυγος του Σουέζ και την προσωρινήν συμφωνίαν μεταξύ των ενδιαφερομένων μερών. Αι προτάσεις αύται ανεκοινώθησαν εις τους πρεσβευτάς των χωρών της περιοχής και αναμένονται αι απαντήσεις των κυβερνήσεων. Εν τω μεταξύ ο πρόεδρος Σαντάτ απέστειλε μήνυμα προς τον σοβιετικόν ηγέτην, ενώ αναφέρονται πολεμικαί προπαρασκευαί κατά μήκος της διώρυγος.

Η «ΣΚΙΠ»

Ο Αμερικανός υπουργός των Εξωτερικών κ. Ρότζερς ανέλαβε νέαν πρωτοβουλίαν διά την επίλυσιν της κρίσεως της Μέσης Ανατολής. Κατά πληροφορίας εκ διπλωματικών πηγών, ο κ. Ρότζερς υπέβαλε προτάσεις διά την επαναλειτουργίαν της διώρυγος του Σουέζ και την προσωρινήν συμφωνίαν μεταξύ των ενδιαφερομένων μερών. Αι προτάσεις αύται ανεκοινώθησαν εις τους πρεσβευτάς των χωρών της περιοχής και αναμένονται αι απαντήσεις των κυβερνήσεων. Εν τω μεταξύ ο πρόεδρος Σαντάτ απέστειλε μήνυμα προς τον σοβιετικόν ηγέτην, ενώ αναφέρονται πολεμικαί προπαρασκευαί κατά μήκος της διώρυγος.

Ο Αμερικανός υπουργός των Εξωτερικών κ. Ρότζερς ανέλαβε νέαν πρωτοβουλίαν διά την επίλυσιν της κρίσεως της Μέσης Ανατολής. Κατά πληροφορίας εκ διπλωματικών πηγών, ο κ. Ρότζερς υπέβαλε προτάσεις διά την επαναλειτουργίαν της διώρυγος του Σουέζ και την προσωρινήν συμφωνίαν μεταξύ των ενδιαφερομένων μερών. Αι προτάσεις αύται ανεκοινώθησαν εις τους πρεσβευτάς των χωρών της περιοχής και αναμένονται αι απαντήσεις των κυβερνήσεων. Εν τω μεταξύ ο πρόεδρος Σαντάτ απέστειλε μήνυμα προς τον σοβιετικόν ηγέτην, ενώ αναφέρονται πολεμικαί προπαρασκευαί κατά μήκος της διώρυγος.

Ο Αμερικανός υπουργός των Εξωτερικών κ. Ρότζερς ανέλαβε νέαν πρωτοβουλίαν διά την επίλυσιν της κρίσεως της Μέσης Ανατολής. Κατά πληροφορίας εκ διπλωματικών πηγών, ο κ. Ρότζερς υπέβαλε προτάσεις διά την επαναλειτουργίαν της διώρυγος του Σουέζ και την προσωρινήν συμφωνίαν μεταξύ των ενδιαφερομένων μερών. Αι προτάσεις αύται ανεκοινώθησαν εις τους πρεσβευτάς των χωρών της περιοχής και αναμένονται αι απαντήσεις των κυβερνήσεων. Εν τω μεταξύ ο πρόεδρος Σαντάτ απέστειλε μήνυμα προς τον σοβιετικόν ηγέτην, ενώ αναφέρονται πολεμικαί προπαρασκευαί κατά μήκος της διώρυγος.

ΣΥΝΗΛΘΟΝ ΔΥΟ ΕΠΙΤΡΟΠΑΙ ΤΗΣ ΣΥΜΒΟΥΛΕΥΤΙΚΗΣ ΚΑΙ ΣΥΝΕΖΗΤΗΣΑΝ ΕΠΙ ΣΧΕΔΙΩΝ ΝΟΜΟΘΕΤΗΜΑΤΩΝ

Ο Αμερικανός υπουργός των Εξωτερικών κ. Ρότζερς ανέλαβε νέαν πρωτοβουλίαν διά την επίλυσιν της κρίσεως της Μέσης Ανατολής. Κατά πληροφορίας εκ διπλωματικών πηγών, ο κ. Ρότζερς υπέβαλε προτάσεις διά την επαναλειτουργίαν της διώρυγος του Σουέζ και την προσωρινήν συμφωνίαν μεταξύ των ενδιαφερομένων μερών. Αι προτάσεις αύται ανεκοινώθησαν εις τους πρεσβευτάς των χωρών της περιοχής και αναμένονται αι απαντήσεις των κυβερνήσεων. Εν τω μεταξύ ο πρόεδρος Σαντάτ απέστειλε μήνυμα προς τον σοβιετικόν ηγέτην, ενώ αναφέρονται πολεμικαί προπαρασκευαί κατά μήκος της διώρυγος.

Ο Αμερικανός υπουργός των Εξωτερικών κ. Ρότζερς ανέλαβε νέαν πρωτοβουλίαν διά την επίλυσιν της κρίσεως της Μέσης Ανατολής. Κατά πληροφορίας εκ διπλωματικών πηγών, ο κ. Ρότζερς υπέβαλε προτάσεις διά την επαναλειτουργίαν της διώρυγος του Σουέζ και την προσωρινήν συμφωνίαν μεταξύ των ενδιαφερομένων μερών. Αι προτάσεις αύται ανεκοινώθησαν εις τους πρεσβευτάς των χωρών της περιοχής και αναμένονται αι απαντήσεις των κυβερνήσεων. Εν τω μεταξύ ο πρόεδρος Σαντάτ απέστειλε μήνυμα προς τον σοβιετικόν ηγέτην, ενώ αναφέρονται πολεμικαί προπαρασκευαί κατά μήκος της διώρυγος.

ΕΡΜΗΝΕΙΑ ΣΧΟΛΙΩΝ

Ο Αμερικανός υπουργός των Εξωτερικών κ. Ρότζερς ανέλαβε νέαν πρωτοβουλίαν διά την επίλυσιν της κρίσεως της Μέσης Ανατολής. Κατά πληροφορίας εκ διπλωματικών πηγών, ο κ. Ρότζερς υπέβαλε προτάσεις διά την επαναλειτουργίαν της διώρυγος του Σουέζ και την προσωρινήν συμφωνίαν μεταξύ των ενδιαφερομένων μερών. Αι προτάσεις αύται ανεκοινώθησαν εις τους πρεσβευτάς των χωρών της περιοχής και αναμένονται αι απαντήσεις των κυβερνήσεων. Εν τω μεταξύ ο πρόεδρος Σαντάτ απέστειλε μήνυμα προς τον σοβιετικόν ηγέτην, ενώ αναφέρονται πολεμικαί προπαρασκευαί κατά μήκος της διώρυγος.

Ο ΝΙΞΟΝ ΑΠΟΒΛΕΠΕΙ ΔΙΑ ΤΗΣ ΠΟΛΙΤΙΚΗΣ ΤΟΥ ΕΙΣ ΤΗΝ ΑΣΦΑΛΕΙΑΝ ΤΩΝ ΗΝΩΜ. ΠΟΛΙΤΕΙΩΝ
ΣΥΝΕΧΕΙΑ ΕΚ ΤΗΣ 1ΗΣ ΣΕΛ.

Ο Αμερικανός υπουργός των Εξωτερικών κ. Ρότζερς ανέλαβε νέαν πρωτοβουλίαν διά την επίλυσιν της κρίσεως της Μέσης Ανατολής. Κατά πληροφορίας εκ διπλωματικών πηγών, ο κ. Ρότζερς υπέβαλε προτάσεις διά την επαναλειτουργίαν της διώρυγος του Σουέζ και την προσωρινήν συμφωνίαν μεταξύ των ενδιαφερομένων μερών. Αι προτάσεις αύται ανεκοινώθησαν εις τους πρεσβευτάς των χωρών της περιοχής και αναμένονται αι απαντήσεις των κυβερνήσεων. Εν τω μεταξύ ο πρόεδρος Σαντάτ απέστειλε μήνυμα προς τον σοβιετικόν ηγέτην, ενώ αναφέρονται πολεμικαί προπαρασκευαί κατά μήκος της διώρυγος.

ΟΥΔΕΙΣ ΚΙΝΔΥΝΟΣ

Ο Αμερικανός υπουργός των Εξωτερικών κ. Ρότζερς ανέλαβε νέαν πρωτοβουλίαν διά την επίλυσιν της κρίσεως της Μέσης Ανατολής. Κατά πληροφορίας εκ διπλωματικών πηγών, ο κ. Ρότζερς υπέβαλε προτάσεις διά την επαναλειτουργίαν της διώρυγος του Σουέζ και την προσωρινήν συμφωνίαν μεταξύ των ενδιαφερομένων μερών. Αι προτάσεις αύται ανεκοινώθησαν εις τους πρεσβευτάς των χωρών της περιοχής και αναμένονται αι απαντήσεις των κυβερνήσεων. Εν τω μεταξύ ο πρόεδρος Σαντάτ απέστειλε μήνυμα προς τον σοβιετικόν ηγέτην, ενώ αναφέρονται πολεμικαί προπαρασκευαί κατά μήκος της διώρυγος.

ΕΠΙΣΠΑΣΙΣ Ο ΚΟΣΜΟΣ

Ο Αμερικανός υπουργός των Εξωτερικών κ. Ρότζερς ανέλαβε νέαν πρωτοβουλίαν διά την επίλυσιν της κρίσεως της Μέσης Ανατολής. Κατά πληροφορίας εκ διπλωματικών πηγών, ο κ. Ρότζερς υπέβαλε προτάσεις διά την επαναλειτουργίαν της διώρυγος του Σουέζ και την προσωρινήν συμφωνίαν μεταξύ των ενδιαφερομένων μερών. Αι προτάσεις αύται ανεκοινώθησαν εις τους πρεσβευτάς των χωρών της περιοχής και αναμένονται αι απαντήσεις των κυβερνήσεων. Εν τω μεταξύ ο πρόεδρος Σαντάτ απέστειλε μήνυμα προς τον σοβιετικόν ηγέτην, ενώ αναφέρονται πολεμικαί προπαρασκευαί κατά μήκος της διώρυγος.

Η ΑΠΟΧΩΡΗΣΙΣ ΕΞ ΕΥΡΩΠΗΣ

Ο Αμερικανός υπουργός των Εξωτερικών κ. Ρότζερς ανέλαβε νέαν πρωτοβουλίαν διά την επίλυσιν της κρίσεως της Μέσης Ανατολής. Κατά πληροφορίας εκ διπλωματικών πηγών, ο κ. Ρότζερς υπέβαλε προτάσεις διά την επαναλειτουργίαν της διώρυγος του Σουέζ και την προσωρινήν συμφωνίαν μεταξύ των ενδιαφερομένων μερών. Αι προτάσεις αύται ανεκοινώθησαν εις τους πρεσβευτάς των χωρών της περιοχής και αναμένονται αι απαντήσεις των κυβερνήσεων. Εν τω μεταξύ ο πρόεδρος Σαντάτ απέστειλε μήνυμα προς τον σοβιετικόν ηγέτην, ενώ αναφέρονται πολεμικαί προπαρασκευαί κατά μήκος της διώρυγος.

ΔΗΛΩΣΕΙΣ ΤΟΥ ΡΟΤΖΕΡΣ

Ο Αμερικανός υπουργός των Εξωτερικών κ. Ρότζερς ανέλαβε νέαν πρωτοβουλίαν διά την επίλυσιν της κρίσεως της Μέσης Ανατολής. Κατά πληροφορίας εκ διπλωματικών πηγών, ο κ. Ρότζερς υπέβαλε προτάσεις διά την επαναλειτουργίαν της διώρυγος του Σουέζ και την προσωρινήν συμφωνίαν μεταξύ των ενδιαφερομένων μερών. Αι προτάσεις αύται ανεκοινώθησαν εις τους πρεσβευτάς των χωρών της περιοχής και αναμένονται αι απαντήσεις των κυβερνήσεων. Εν τω μεταξύ ο πρόεδρος Σαντάτ απέστειλε μήνυμα προς τον σοβιετικόν ηγέτην, ενώ αναφέρονται πολεμικαί προπαρασκευαί κατά μήκος της διώρυγος.

Ο ΠΟΥΣΚΑΣ

Ο Αμερικανός υπουργός των Εξωτερικών κ. Ρότζερς ανέλαβε νέαν πρωτοβουλίαν διά την επίλυσιν της κρίσεως της Μέσης Ανατολής. Κατά πληροφορίας εκ διπλωματικών πηγών, ο κ. Ρότζερς υπέβαλε προτάσεις διά την επαναλειτουργίαν της διώρυγος του Σουέζ και την προσωρινήν συμφωνίαν μεταξύ των ενδιαφερομένων μερών. Αι προτάσεις αύται ανεκοινώθησαν εις τους πρεσβευτάς των χωρών της περιοχής και αναμένονται αι απαντήσεις των κυβερνήσεων. Εν τω μεταξύ ο πρόεδρος Σαντάτ απέστειλε μήνυμα προς τον σοβιετικόν ηγέτην, ενώ αναφέρονται πολεμικαί προπαρασκευαί κατά μήκος της διώρυγος.

ΕΠΙΣΤΡΕΦΟΥΝ ΣΗΜΕΡΟΝ

Ο Αμερικανός υπουργός των Εξωτερικών κ. Ρότζερς ανέλαβε νέαν πρωτοβουλίαν διά την επίλυσιν της κρίσεως της Μέσης Ανατολής. Κατά πληροφορίας εκ διπλωματικών πηγών, ο κ. Ρότζερς υπέβαλε προτάσεις διά την επαναλειτουργίαν της διώρυγος του Σουέζ και την προσωρινήν συμφωνίαν μεταξύ των ενδιαφερομένων μερών. Αι προτάσεις αύται ανεκοινώθησαν εις τους πρεσβευτάς των χωρών της περιοχής και αναμένονται αι απαντήσεις των κυβερνήσεων. Εν τω μεταξύ ο πρόεδρος Σαντάτ απέστειλε μήνυμα προς τον σοβιετικόν ηγέτην, ενώ αναφέρονται πολεμικαί προπαρασκευαί κατά μήκος της διώρυγος.

Σειρά 7
ΟΙ ΥΠΟΥΡΓΟΙ ΕΞΩΤΕΡΙΚΩΝ ΚΑΙ ΠΑΙΔΕΙΑΣ ΤΗΣ ΚΥΠΡΟΥ ΑΦΙΧΘΗΣΑΝ ΕΙΣ ΤΑΣ ΑΘΗΝΑΣ ΔΙΑ ΣΥΝΟΜΙΛΙΑΣ ΜΕ ΚΥΒΕΡΝΗΤΙΚΟΥΣ ΕΚΠΡΟΣΩΠΟΥΣ

ΑΘΗΝΑΙ, 10.— Ο υπουργός Εξωτερικών της Κύπρου κ. Σπύρος Κυπριανού και ο υπουργός Παιδείας κ. Φρίξος Πετρίδης αφίχθησαν εις τας Αθήνας. Κατά την διάρκειαν της παραμονής των θα έχουν συνομιλίας με τον κ. πρωθυπουργόν και τους αρμοδίους υπουργούς επί θεμάτων κοινού ενδιαφέροντος. Εις το αεροδρόμιον υπεδέχθησαν αυτούς ο πρεσβευτής της Κύπρου και ανώτεροι υπάλληλοι του υπουργείου Εξωτερικών. Αι συνομιλίαι αναμένεται να διαρκέσουν δύο ημέρας.

ΑΘΗΝΑΙ, 10.— Ο υπουργός Εξωτερικών της Κύπρου κ. Σπύρος Κυπριανού και ο υπουργός Παιδείας κ. Φρίξος Πετρίδης αφίχθησαν εις τας Αθήνας. Κατά την διάρκειαν της παραμονής των θα έχουν συνομιλίας με τον κ. πρωθυπουργόν και τους αρμοδίους υπουργούς επί θεμάτων κοινού ενδιαφέροντος. Εις το αεροδρόμιον υπεδέχθησαν αυτούς ο πρεσβευτής της Κύπρου και ανώτεροι υπάλληλοι του υπουργείου Εξωτερικών. Αι συνομιλίαι αναμένεται να διαρκέσουν δύο ημέρας.

Ο ΣΤΡΑΤΗΓΟΣ ΜΠΕΝ ΧΑΡΕΛ ΑΠΕΧΑΙΡΕΤΗΣΕ ΤΟΝ ΑΝΤΙΒΑΣΙΛΕΑ, ΤΟΝ Κ. ΠΡΘΥΠΟΥΡΓΟΝ ΚΑΙ ΤΗΝ ΗΓΕΣΙΑΝ ΤΩΝ ΕΝΟΠΛΩΝ ΔΥΝΑΜΕΩΝ

ΑΘΗΝΑΙ, 10.— Ο υπουργός Εξωτερικών της Κύπρου κ. Σπύρος Κυπριανού και ο υπουργός Παιδείας κ. Φρίξος Πετρίδης αφίχθησαν εις τας Αθήνας. Κατά την διάρκειαν της παραμονής των θα έχουν συνομιλίας με τον κ. πρωθυπουργόν και τους αρμοδίους υπουργούς επί θεμάτων κοινού ενδιαφέροντος. Εις το αεροδρόμιον υπεδέχθησαν αυτούς ο πρεσβευτής της Κύπρου και ανώτεροι υπάλληλοι του υπουργείου Εξωτερικών. Αι συνομιλίαι αναμένεται να διαρκέσουν δύο ημέρας.

ΑΘΗΝΑΙ, 10.— Ο υπουργός Εξωτερικών της Κύπρου κ. Σπύρος Κυπριανού και ο υπουργός Παιδείας κ. Φρίξος Πετρίδης αφίχθησαν εις τας Αθήνας. Κατά την διάρκειαν της παραμονής των θα έχουν συνομιλίας με τον κ. πρωθυπουργόν και τους αρμοδίους υπουργούς επί θεμάτων κοινού ενδιαφέροντος. Εις το αεροδρόμιον υπεδέχθησαν αυτούς ο πρεσβευτής της Κύπρου και ανώτεροι υπάλληλοι του υπουργείου Εξωτερικών. Αι συνομιλίαι αναμένεται να διαρκέσουν δύο ημέρας.

ΑΦΙΚΝΕΙΤΑΙ Ο ΡΙΒΕΡΟ

ΑΘΗΝΑΙ, 10.— Ο υπουργός Εξωτερικών της Κύπρου κ. Σπύρος Κυπριανού και ο υπουργός Παιδείας κ. Φρίξος Πετρίδης αφίχθησαν εις τας Αθήνας. Κατά την διάρκειαν της παραμονής των θα έχουν συνομιλίας με τον κ. πρωθυπουργόν και τους αρμοδίους υπουργούς επί θεμάτων κοινού ενδιαφέροντος. Εις το αεροδρόμιον υπεδέχθησαν αυτούς ο πρεσβευτής της Κύπρου και ανώτεροι υπάλληλοι του υπουργείου Εξωτερικών. Αι συνομιλίαι αναμένεται να διαρκέσουν δύο ημέρας.

ΕΞΥΠΗΡΕΤΟΥΝ ΤΑ ΣΥΜΦΕΡΟΝΤΑ ΤΩΝ ΚΑΤΑΝΑΛΩΤΩΝ ΑΙ ΣΥΝΟΜΙΛΙΑΙ ΜΕΤΑΞΥ ΤΩΝ ΕΤΑΙΡΕΙΩΝ ΠΕΤΡΕΛΑΙΟΥ

ΑΘΗΝΑΙ, 10.— Ο υπουργός Εξωτερικών της Κύπρου κ. Σπύρος Κυπριανού και ο υπουργός Παιδείας κ. Φρίξος Πετρίδης αφίχθησαν εις τας Αθήνας. Κατά την διάρκειαν της παραμονής των θα έχουν συνομιλίας με τον κ. πρωθυπουργόν και τους αρμοδίους υπουργούς επί θεμάτων κοινού ενδιαφέροντος. Εις το αεροδρόμιον υπεδέχθησαν αυτούς ο πρεσβευτής της Κύπρου και ανώτεροι υπάλληλοι του υπουργείου Εξωτερικών. Αι συνομιλίαι αναμένεται να διαρκέσουν δύο ημέρας.

ΑΘΗΝΑΙ, 10.— Ο υπουργός Εξωτερικών της Κύπρου κ. Σπύρος Κυπριανού και ο υπουργός Παιδείας κ. Φρίξος Πετρίδης αφίχθησαν εις τας Αθήνας. Κατά την διάρκειαν της παραμονής των θα έχουν συνομιλίας με τον κ. πρωθυπουργόν και τους αρμοδίους υπουργούς επί θεμάτων κοινού ενδιαφέροντος. Εις το αεροδρόμιον υπεδέχθησαν αυτούς ο πρεσβευτής της Κύπρου και ανώτεροι υπάλληλοι του υπουργείου Εξωτερικών. Αι συνομιλίαι αναμένεται να διαρκέσουν δύο ημέρας.

ΑΙ ΗΝΩΜΕΝΑΙ ΠΟΛΙΤΕΙΑΙ ΚΑΘΟΡΙΖΟΥΝ ΝΕΑ ΣΥΣΤΗΜΑΤΑ ΔΙΑ ΤΗΝ ΑΣΦΑΛΕΙΑΝ ΤΗΣ ΖΩΗΣ ΕΠΙΒΑΤΩΝ ΑΥΤΟΚΙΝΗΤΩΝ

ΑΘΗΝΑΙ, 10.— Ο υπουργός Εξωτερικών της Κύπρου κ. Σπύρος Κυπριανού και ο υπουργός Παιδείας κ. Φρίξος Πετρίδης αφίχθησαν εις τας Αθήνας. Κατά την διάρκειαν της παραμονής των θα έχουν συνομιλίας με τον κ. πρωθυπουργόν και τους αρμοδίους υπουργούς επί θεμάτων κοινού ενδιαφέροντος. Εις το αεροδρόμιον υπεδέχθησαν αυτούς ο πρεσβευτής της Κύπρου και ανώτεροι υπάλληλοι του υπουργείου Εξωτερικών. Αι συνομιλίαι αναμένεται να διαρκέσουν δύο ημέρας.

ΑΘΗΝΑΙ, 10.— Ο υπουργός Εξωτερικών της Κύπρου κ. Σπύρος Κυπριανού και ο υπουργός Παιδείας κ. Φρίξος Πετρίδης αφίχθησαν εις τας Αθήνας. Κατά την διάρκειαν της παραμονής των θα έχουν συνομιλίας με τον κ. πρωθυπουργόν και τους αρμοδίους υπουργούς επί θεμάτων κοινού ενδιαφέροντος. Εις το αεροδρόμιον υπεδέχθησαν αυτούς ο πρεσβευτής της Κύπρου και ανώτεροι υπάλληλοι του υπουργείου Εξωτερικών. Αι συνομιλίαι αναμένεται να διαρκέσουν δύο ημέρας.

ΒΑΣΙΣ ΤΗΣ ΟΙΚΟΝΟΜΙΚΗΣ ΠΟΛΙΤΙΚΗΣ ΝΙΞΟΝ Ο ΑΓΩΝ ΚΑΤΑ ΤΟΥ ΠΛΗΘΩΡΙΣΜΟΥ ΚΑΙ ΑΝΕΡΓΙΑΣ

ΑΘΗΝΑΙ, 10.— Ο υπουργός Εξωτερικών της Κύπρου κ. Σπύρος Κυπριανού και ο υπουργός Παιδείας κ. Φρίξος Πετρίδης αφίχθησαν εις τας Αθήνας. Κατά την διάρκειαν της παραμονής των θα έχουν συνομιλίας με τον κ. πρωθυπουργόν και τους αρμοδίους υπουργούς επί θεμάτων κοινού ενδιαφέροντος. Εις το αεροδρόμιον υπεδέχθησαν αυτούς ο πρεσβευτής της Κύπρου και ανώτεροι υπάλληλοι του υπουργείου Εξωτερικών. Αι συνομιλίαι αναμένεται να διαρκέσουν δύο ημέρας.

ΑΘΗΝΑΙ, 10.— Ο υπουργός Εξωτερικών της Κύπρου κ. Σπύρος Κυπριανού και ο υπουργός Παιδείας κ. Φρίξος Πετρίδης αφίχθησαν εις τας Αθήνας. Κατά την διάρκειαν της παραμονής των θα έχουν συνομιλίας με τον κ. πρωθυπουργόν και τους αρμοδίους υπουργούς επί θεμάτων κοινού ενδιαφέροντος. Εις το αεροδρόμιον υπεδέχθησαν αυτούς ο πρεσβευτής της Κύπρου και ανώτεροι υπάλληλοι του υπουργείου Εξωτερικών. Αι συνομιλίαι αναμένεται να διαρκέσουν δύο ημέρας.

ΕΓΚΥΡΟΣ ΑΜΕΡΙΚΑΝΙΚΗ ΕΦΗΜΕΡΙΣ ΤΟΥ ΣΙΚΑΓΟΥ ΥΠΟΓΡΑΜΜΙΖΕΙ ΤΑ ΕΠΙΤΕΥΓΜΑΤΑ ΤΗΣ ΕΛΛΑΔΟΣ

ΑΘΗΝΑΙ, 10.— Ο υπουργός Εξωτερικών της Κύπρου κ. Σπύρος Κυπριανού και ο υπουργός Παιδείας κ. Φρίξος Πετρίδης αφίχθησαν εις τας Αθήνας. Κατά την διάρκειαν της παραμονής των θα έχουν συνομιλίας με τον κ. πρωθυπουργόν και τους αρμοδίους υπουργούς επί θεμάτων κοινού ενδιαφέροντος. Εις το αεροδρόμιον υπεδέχθησαν αυτούς ο πρεσβευτής της Κύπρου και ανώτεροι υπάλληλοι του υπουργείου Εξωτερικών. Αι συνομιλίαι αναμένεται να διαρκέσουν δύο ημέρας.

ΑΘΗΝΑΙ, 10.— Ο υπουργός Εξωτερικών της Κύπρου κ. Σπύρος Κυπριανού και ο υπουργός Παιδείας κ. Φρίξος Πετρίδης αφίχθησαν εις τας Αθήνας. Κατά την διάρκειαν της παραμονής των θα έχουν συνομιλίας με τον κ. πρωθυπουργόν και τους αρμοδίους υπουργούς επί θεμάτων κοινού ενδιαφέροντος. Εις το αεροδρόμιον υπεδέχθησαν αυτούς ο πρεσβευτής της Κύπρου και ανώτεροι υπάλληλοι του υπουργείου Εξωτερικών. Αι συνομιλίαι αναμένεται να διαρκέσουν δύο ημέρας.

Η ΕΚΔΡΟΜΗ ΤΗΣ ΑΝΩΤΑΤΗΣ ΒΙΟΜΗΧΑΝΙΚΗΣ ΚΑΙ ΑΙ ΠΤΥΧΙΑΚΑΙ ΤΗΣ ΣΧΟΛΗΣ «ΠΥΘΑΓΟΡΑΣ»
ΣΥΝΕΧΕΙΑ ΕΚ ΤΗΣ 1ΗΣ ΣΕΛ.

ΑΘΗΝΑΙ, 10.— Ο υπουργός Εξωτερικών της Κύπρου κ. Σπύρος Κυπριανού και ο υπουργός Παιδείας κ. Φρίξος Πετρίδης αφίχθησαν εις τας Αθήνας. Κατά την διάρκειαν της παραμονής των θα έχουν συνομιλίας με τον κ. πρωθυπουργόν και τους αρμοδίους υπουργούς επί θεμάτων κοινού ενδιαφέροντος. Εις το αεροδρόμιον υπεδέχθησαν αυτούς ο πρεσβευτής της Κύπρου και ανώτεροι υπάλληλοι του υπουργείου Εξωτερικών. Αι συνομιλίαι αναμένεται να διαρκέσουν δύο ημέρας.

ΓΕΩΠΟΝΟΔΑΣΟΛΟΓΙΚΗ

ΑΘΗΝΑΙ, 10.— Ο υπουργός Εξωτερικών της Κύπρου κ. Σπύρος Κυπριανού και ο υπουργός Παιδείας κ. Φρίξος Πετρίδης αφίχθησαν εις τας Αθήνας. Κατά την διάρκειαν της παραμονής των θα έχουν συνομιλίας με τον κ. πρωθυπουργόν και τους αρμοδίους υπουργούς επί θεμάτων κοινού ενδιαφέροντος. Εις το αεροδρόμιον υπεδέχθησαν αυτούς ο πρεσβευτής της Κύπρου και ανώτεροι υπάλληλοι του υπουργείου Εξωτερικών. Αι συνομιλίαι αναμένεται να διαρκέσουν δύο ημέρας.

ΒΙΟΜΗΧΑΝΙΚΗ

ΑΘΗΝΑΙ, 10.— Ο υπουργός Εξωτερικών της Κύπρου κ. Σπύρος Κυπριανού και ο υπουργός Παιδείας κ. Φρίξος Πετρίδης αφίχθησαν εις τας Αθήνας. Κατά την διάρκειαν της παραμονής των θα έχουν συνομιλίας με τον κ. πρωθυπουργόν και τους αρμοδίους υπουργούς επί θεμάτων κοινού ενδιαφέροντος. Εις το αεροδρόμιον υπεδέχθησαν αυτούς ο πρεσβευτής της Κύπρου και ανώτεροι υπάλληλοι του υπουργείου Εξωτερικών. Αι συνομιλίαι αναμένεται να διαρκέσουν δύο ημέρας.

ΠΥΘΑΓΟΡΑΣ

ΑΘΗΝΑΙ, 10.— Ο υπουργός Εξωτερικών της Κύπρου κ. Σπύρος Κυπριανού και ο υπουργός Παιδείας κ. Φρίξος Πετρίδης αφίχθησαν εις τας Αθήνας. Κατά την διάρκειαν της παραμονής των θα έχουν συνομιλίας με τον κ. πρωθυπουργόν και τους αρμοδίους υπουργούς επί θεμάτων κοινού ενδιαφέροντος. Εις το αεροδρόμιον υπεδέχθησαν αυτούς ο πρεσβευτής της Κύπρου και ανώτεροι υπάλληλοι του υπουργείου Εξωτερικών. Αι συνομιλίαι αναμένεται να διαρκέσουν δύο ημέρας.
